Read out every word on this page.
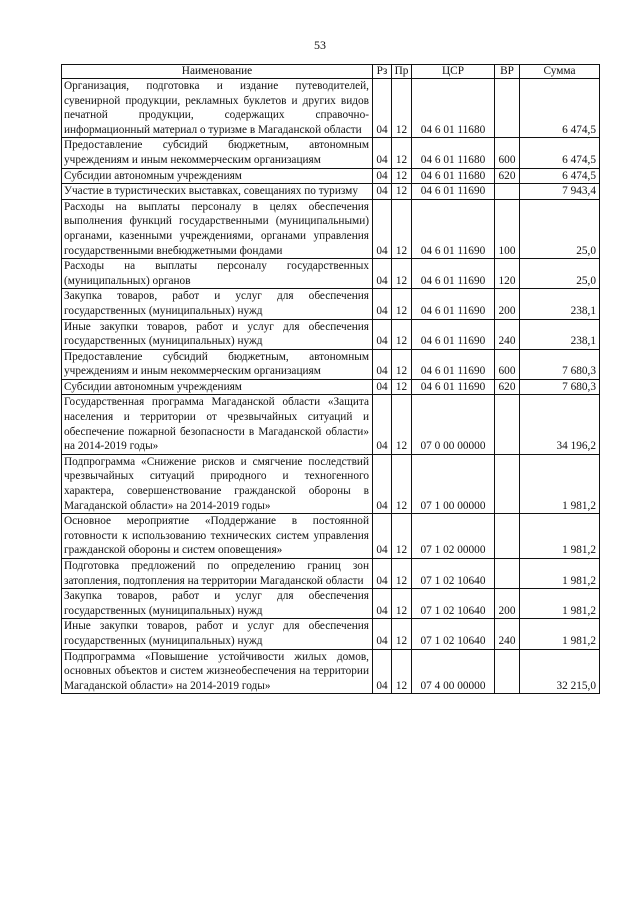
53
Наименование	Рз	Пр	ЦСР	ВР	Сумма
Организация, подготовка и издание путеводителей, сувенирной продукции, рекламных буклетов и других видов печатной продукции, содержащих справочно-информационный материал о туризме в Магаданской области	04	12	04 6 01 11680		6 474,5
Предоставление субсидий бюджетным, автономным учреждениям и иным некоммерческим организациям	04	12	04 6 01 11680	600	6 474,5
Субсидии автономным учреждениям	04	12	04 6 01 11680	620	6 474,5
Участие в туристических выставках, совещаниях по туризму	04	12	04 6 01 11690		7 943,4
Расходы на выплаты персоналу в целях обеспечения выполнения функций государственными (муниципальными) органами, казенными учреждениями, органами управления государственными внебюджетными фондами	04	12	04 6 01 11690	100	25,0
Расходы на выплаты персоналу государственных (муниципальных) органов	04	12	04 6 01 11690	120	25,0
Закупка товаров, работ и услуг для обеспечения государственных (муниципальных) нужд	04	12	04 6 01 11690	200	238,1
Иные закупки товаров, работ и услуг для обеспечения государственных (муниципальных) нужд	04	12	04 6 01 11690	240	238,1
Предоставление субсидий бюджетным, автономным учреждениям и иным некоммерческим организациям	04	12	04 6 01 11690	600	7 680,3
Субсидии автономным учреждениям	04	12	04 6 01 11690	620	7 680,3
Государственная программа Магаданской области «Защита населения и территории от чрезвычайных ситуаций и обеспечение пожарной безопасности в Магаданской области» на 2014-2019 годы»	04	12	07 0 00 00000		34 196,2
Подпрограмма «Снижение рисков и смягчение последствий чрезвычайных ситуаций природного и техногенного характера, совершенствование гражданской обороны в Магаданской области» на 2014-2019 годы»	04	12	07 1 00 00000		1 981,2
Основное мероприятие «Поддержание в постоянной готовности к использованию технических систем управления гражданской обороны и систем оповещения»	04	12	07 1 02 00000		1 981,2
Подготовка предложений по определению границ зон затопления, подтопления на территории Магаданской области	04	12	07 1 02 10640		1 981,2
Закупка товаров, работ и услуг для обеспечения государственных (муниципальных) нужд	04	12	07 1 02 10640	200	1 981,2
Иные закупки товаров, работ и услуг для обеспечения государственных (муниципальных) нужд	04	12	07 1 02 10640	240	1 981,2
Подпрограмма «Повышение устойчивости жилых домов, основных объектов и систем жизнеобеспечения на территории Магаданской области» на 2014-2019 годы»	04	12	07 4 00 00000		32 215,0
